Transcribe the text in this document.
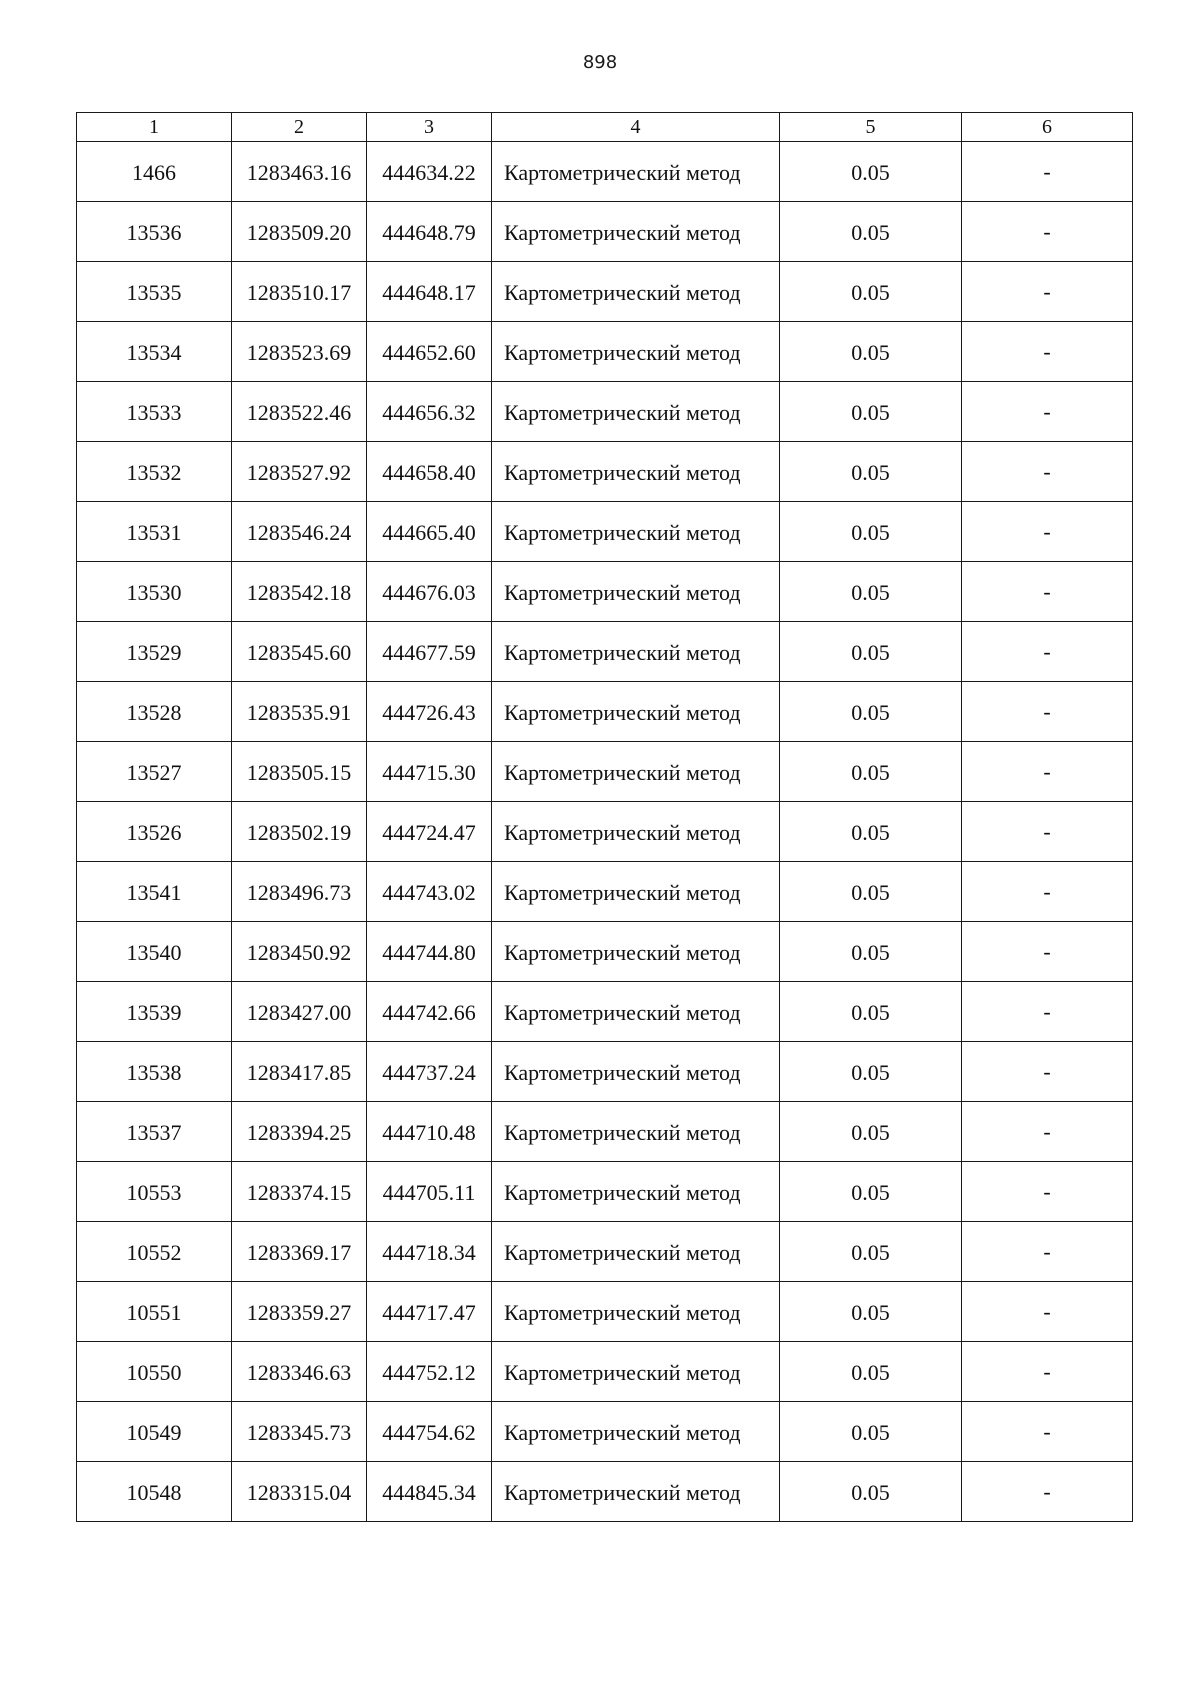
898
1	2	3	4	5	6
1466	1283463.16	444634.22	Картометрический метод	0.05	-
13536	1283509.20	444648.79	Картометрический метод	0.05	-
13535	1283510.17	444648.17	Картометрический метод	0.05	-
13534	1283523.69	444652.60	Картометрический метод	0.05	-
13533	1283522.46	444656.32	Картометрический метод	0.05	-
13532	1283527.92	444658.40	Картометрический метод	0.05	-
13531	1283546.24	444665.40	Картометрический метод	0.05	-
13530	1283542.18	444676.03	Картометрический метод	0.05	-
13529	1283545.60	444677.59	Картометрический метод	0.05	-
13528	1283535.91	444726.43	Картометрический метод	0.05	-
13527	1283505.15	444715.30	Картометрический метод	0.05	-
13526	1283502.19	444724.47	Картометрический метод	0.05	-
13541	1283496.73	444743.02	Картометрический метод	0.05	-
13540	1283450.92	444744.80	Картометрический метод	0.05	-
13539	1283427.00	444742.66	Картометрический метод	0.05	-
13538	1283417.85	444737.24	Картометрический метод	0.05	-
13537	1283394.25	444710.48	Картометрический метод	0.05	-
10553	1283374.15	444705.11	Картометрический метод	0.05	-
10552	1283369.17	444718.34	Картометрический метод	0.05	-
10551	1283359.27	444717.47	Картометрический метод	0.05	-
10550	1283346.63	444752.12	Картометрический метод	0.05	-
10549	1283345.73	444754.62	Картометрический метод	0.05	-
10548	1283315.04	444845.34	Картометрический метод	0.05	-
